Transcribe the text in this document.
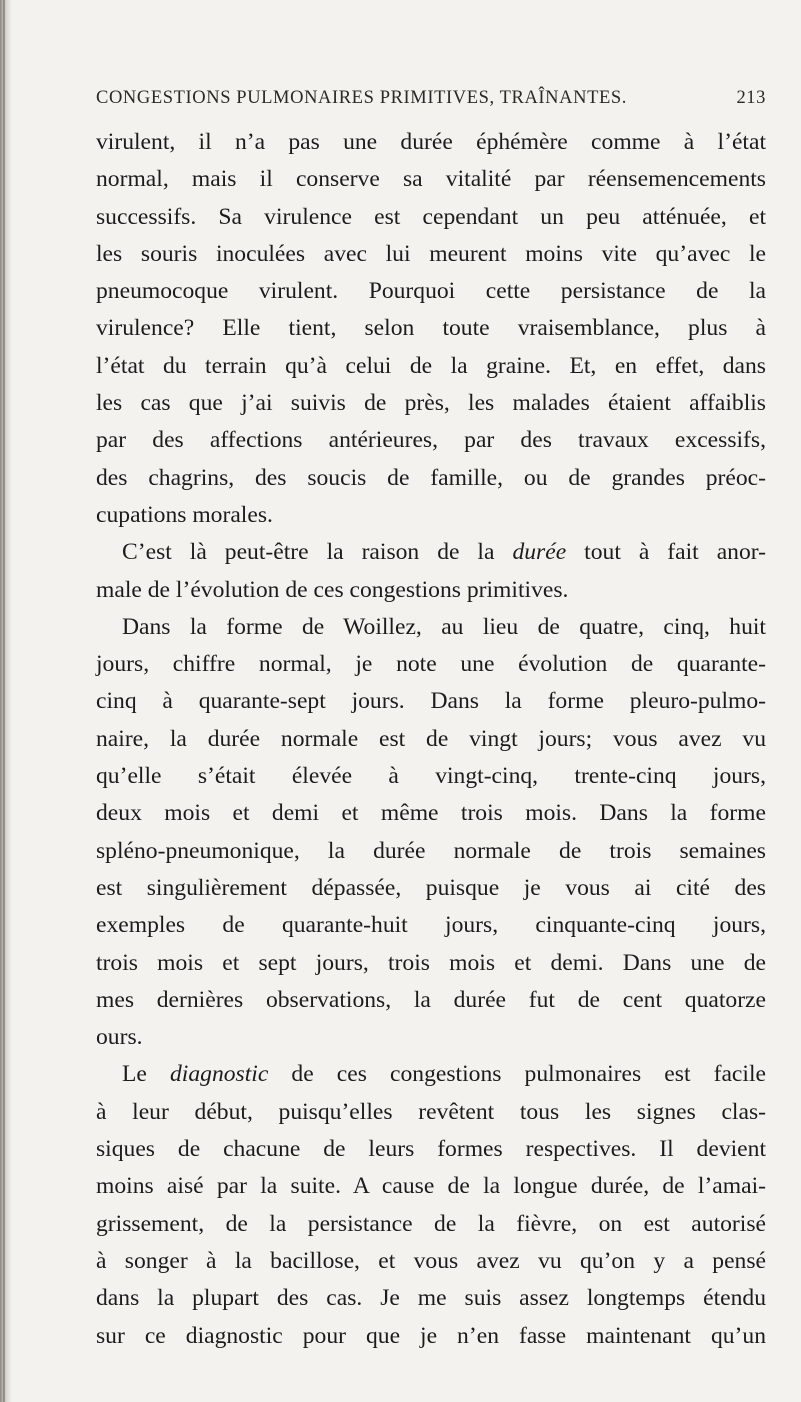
CONGESTIONS PULMONAIRES PRIMITIVES, TRAÎNANTES.	213

virulent, il n’a pas une durée éphémère comme à l’état

normal, mais il conserve sa vitalité par réensemencements

successifs. Sa virulence est cependant un peu atténuée, et

les souris inoculées avec lui meurent moins vite qu’avec le

pneumocoque virulent. Pourquoi cette persistance de la

virulence? Elle tient, selon toute vraisemblance, plus à

l’état du terrain qu’à celui de la graine. Et, en effet, dans

les cas que j’ai suivis de près, les malades étaient affaiblis

par des affections antérieures, par des travaux excessifs,

des chagrins, des soucis de famille, ou de grandes préoc-

cupations morales.

C’est là peut-être la raison de la durée tout à fait anor-

male de l’évolution de ces congestions primitives.

Dans la forme de Woillez, au lieu de quatre, cinq, huit

jours, chiffre normal, je note une évolution de quarante-

cinq à quarante-sept jours. Dans la forme pleuro-pulmo-

naire, la durée normale est de vingt jours; vous avez vu

qu’elle s’était élevée à vingt-cinq, trente-cinq jours,

deux mois et demi et même trois mois. Dans la forme

spléno-pneumonique, la durée normale de trois semaines

est singulièrement dépassée, puisque je vous ai cité des

exemples de quarante-huit jours, cinquante-cinq jours,

trois mois et sept jours, trois mois et demi. Dans une de

mes dernières observations, la durée fut de cent quatorze

ours.

Le diagnostic de ces congestions pulmonaires est facile

à leur début, puisqu’elles revêtent tous les signes clas-

siques de chacune de leurs formes respectives. Il devient

moins aisé par la suite. A cause de la longue durée, de l’amai-

grissement, de la persistance de la fièvre, on est autorisé

à songer à la bacillose, et vous avez vu qu’on y a pensé

dans la plupart des cas. Je me suis assez longtemps étendu

sur ce diagnostic pour que je n’en fasse maintenant qu’un
